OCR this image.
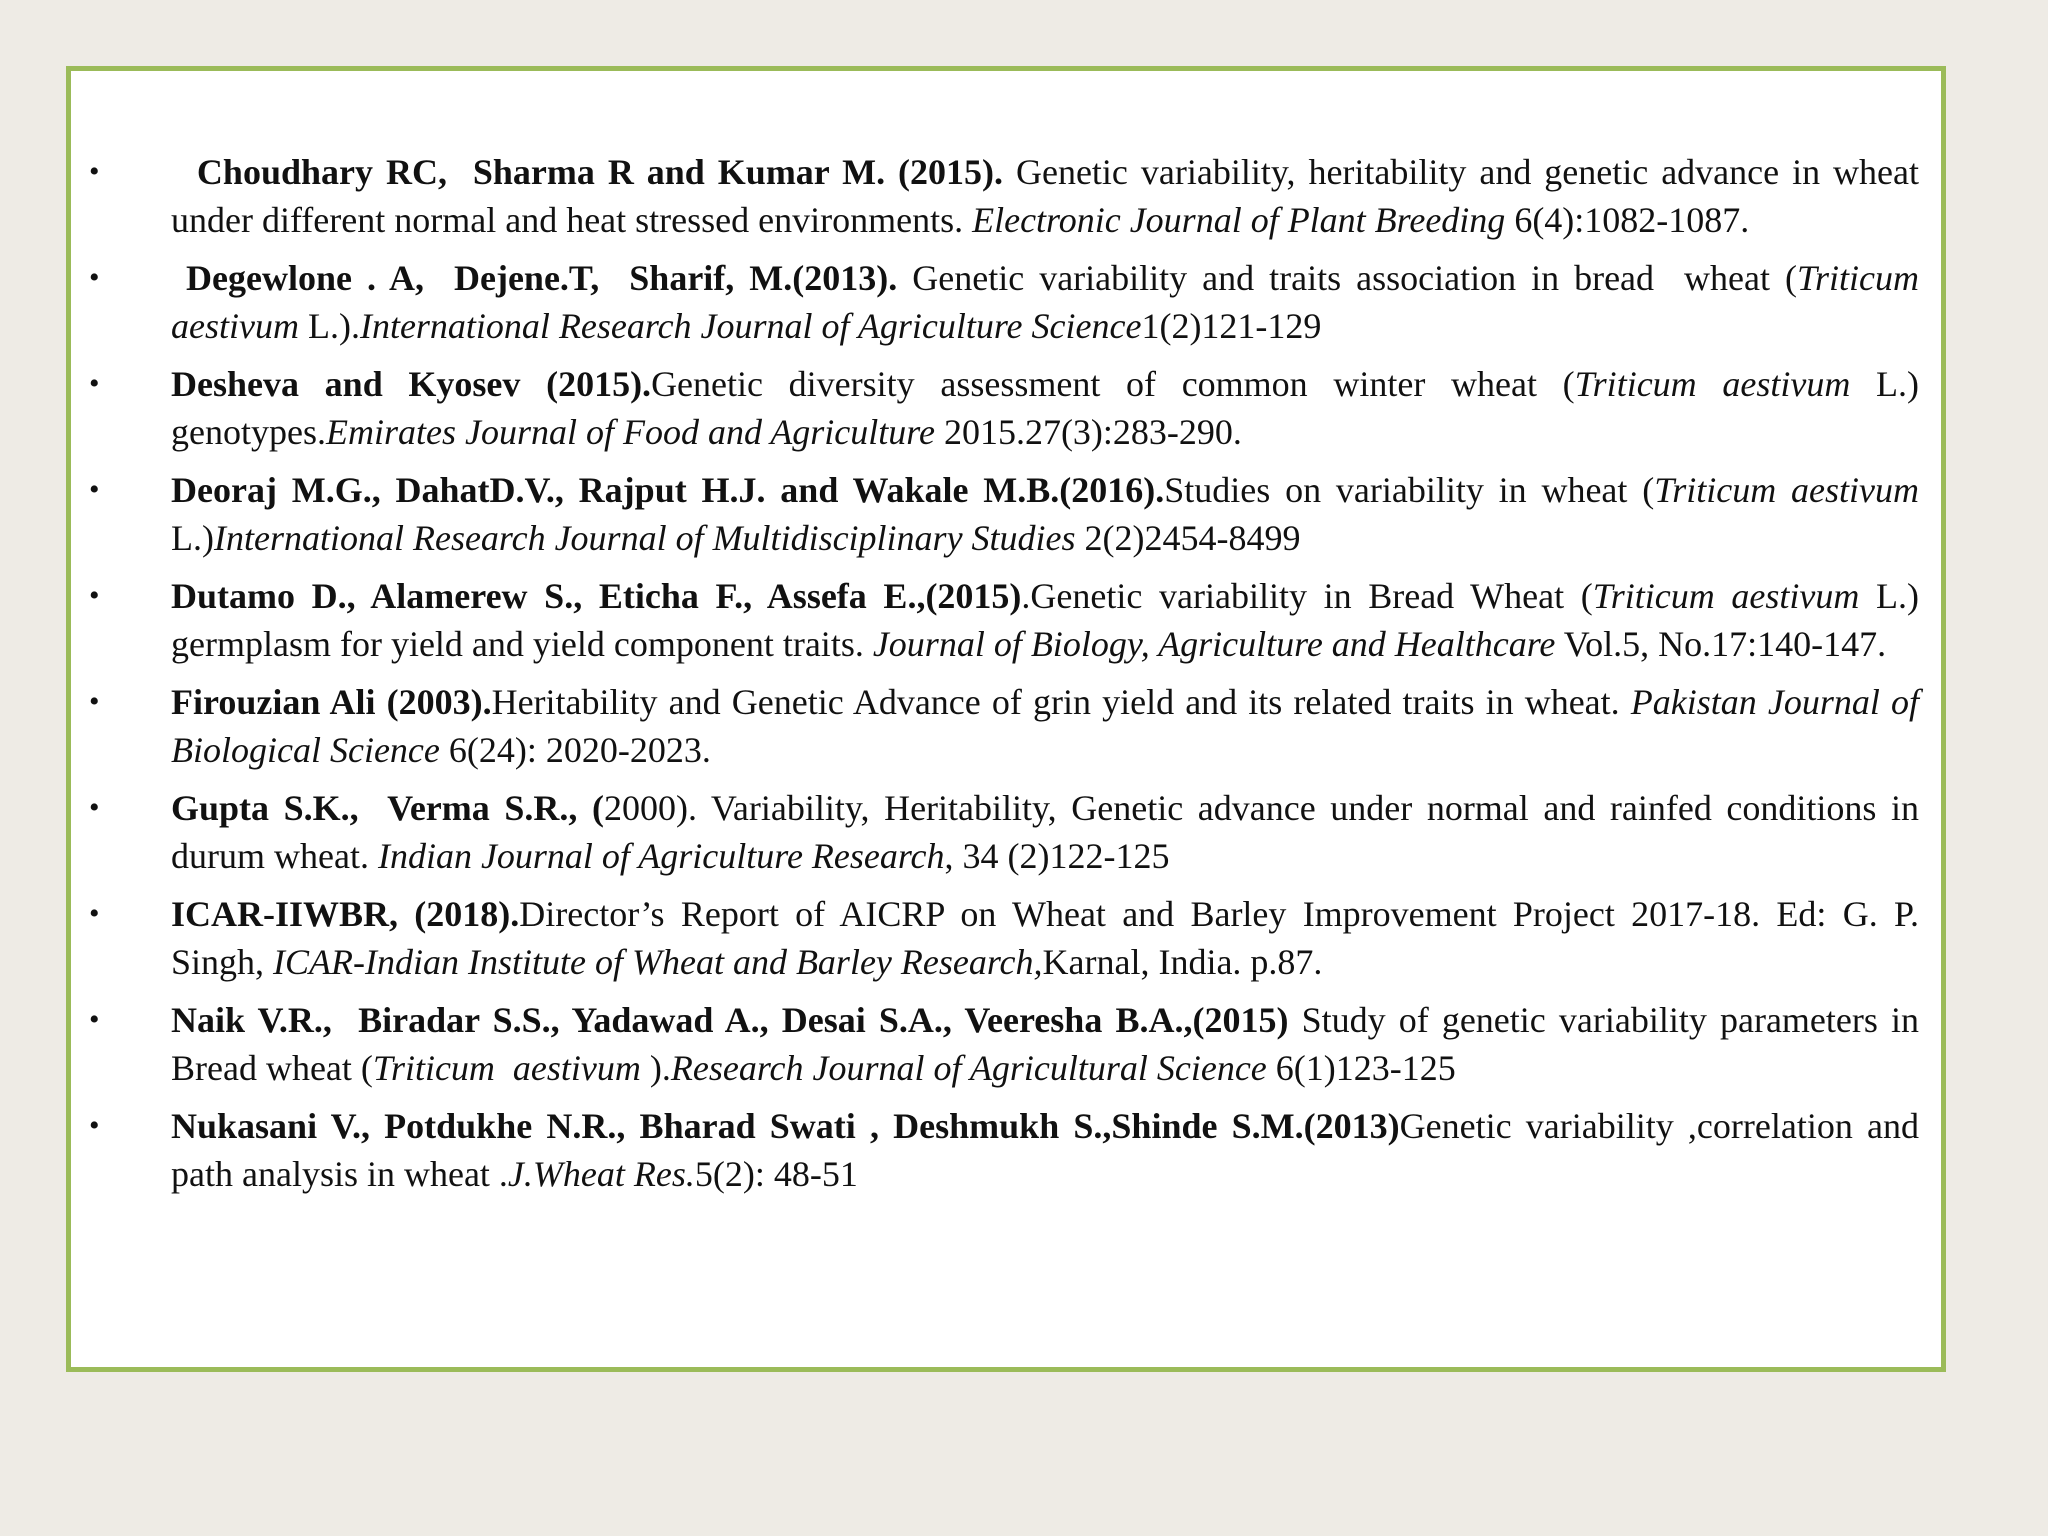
• Choudhary RC,  Sharma R and Kumar M. (2015). Genetic variability, heritability and genetic advance in wheat under different normal and heat stressed environments. Electronic Journal of Plant Breeding 6(4):1082-1087.
• Degewlone . A,  Dejene.T,  Sharif, M.(2013). Genetic variability and traits association in bread  wheat (Triticum aestivum L.).International Research Journal of Agriculture Science1(2)121-129
• Desheva and Kyosev (2015).Genetic diversity assessment of common winter wheat (Triticum aestivum L.) genotypes.Emirates Journal of Food and Agriculture 2015.27(3):283-290.
• Deoraj M.G., DahatD.V., Rajput H.J. and Wakale M.B.(2016).Studies on variability in wheat (Triticum aestivum L.)International Research Journal of Multidisciplinary Studies 2(2)2454-8499
• Dutamo D., Alamerew S., Eticha F., Assefa E.,(2015).Genetic variability in Bread Wheat (Triticum aestivum L.) germplasm for yield and yield component traits. Journal of Biology, Agriculture and Healthcare Vol.5, No.17:140-147.
• Firouzian Ali (2003).Heritability and Genetic Advance of grin yield and its related traits in wheat. Pakistan Journal of Biological Science 6(24): 2020-2023.
• Gupta S.K.,  Verma S.R., (2000). Variability, Heritability, Genetic advance under normal and rainfed conditions in durum wheat. Indian Journal of Agriculture Research, 34 (2)122-125
• ICAR-IIWBR, (2018).Director’s Report of AICRP on Wheat and Barley Improvement Project 2017-18. Ed: G. P. Singh, ICAR-Indian Institute of Wheat and Barley Research,Karnal, India. p.87.
• Naik V.R.,  Biradar S.S., Yadawad A., Desai S.A., Veeresha B.A.,(2015) Study of genetic variability parameters in Bread wheat (Triticum  aestivum ).Research Journal of Agricultural Science 6(1)123-125
• Nukasani V., Potdukhe N.R., Bharad Swati , Deshmukh S.,Shinde S.M.(2013)Genetic variability ,correlation and path analysis in wheat .J.Wheat Res.5(2): 48-51
